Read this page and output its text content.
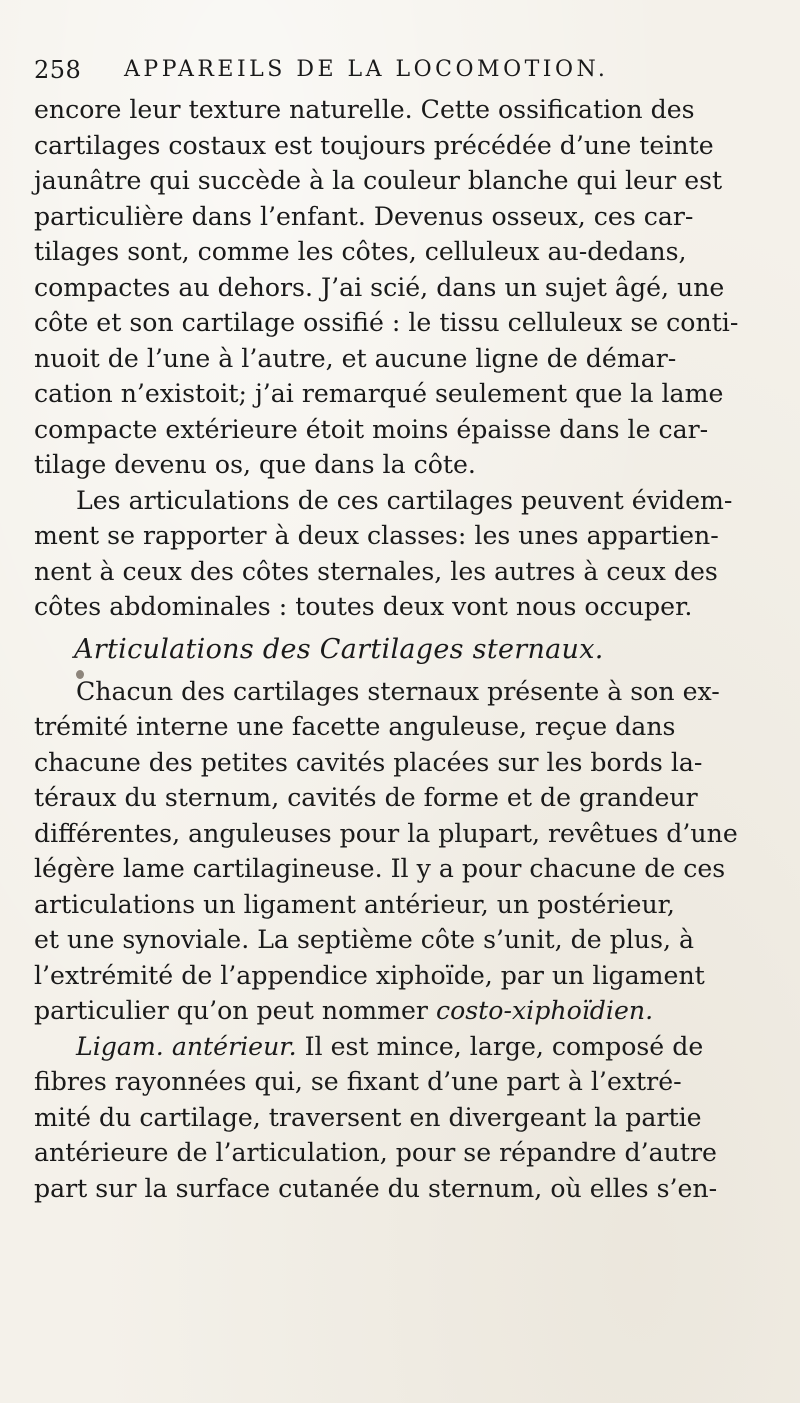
258 APPAREILS DE LA LOCOMOTION.
encore leur texture naturelle. Cette ossification des
cartilages costaux est toujours précédée d’une teinte
jaunâtre qui succède à la couleur blanche qui leur est
particulière dans l’enfant. Devenus osseux, ces car-
tilages sont, comme les côtes, celluleux au-dedans,
compactes au dehors. J’ai scié, dans un sujet âgé, une
côte et son cartilage ossifié : le tissu celluleux se conti-
nuoit de l’une à l’autre, et aucune ligne de démar-
cation n’existoit; j’ai remarqué seulement que la lame
compacte extérieure étoit moins épaisse dans le car-
tilage devenu os, que dans la côte.
Les articulations de ces cartilages peuvent évidem-
ment se rapporter à deux classes: les unes appartien-
nent à ceux des côtes sternales, les autres à ceux des
côtes abdominales : toutes deux vont nous occuper.
Articulations des Cartilages sternaux.
Chacun des cartilages sternaux présente à son ex-
trémité interne une facette anguleuse, reçue dans
chacune des petites cavités placées sur les bords la-
téraux du sternum, cavités de forme et de grandeur
différentes, anguleuses pour la plupart, revêtues d’une
légère lame cartilagineuse. Il y a pour chacune de ces
articulations un ligament antérieur, un postérieur,
et une synoviale. La septième côte s’unit, de plus, à
l’extrémité de l’appendice xiphoïde, par un ligament
particulier qu’on peut nommer costo-xiphoïdien.
Ligam. antérieur. Il est mince, large, composé de
fibres rayonnées qui, se fixant d’une part à l’extré-
mité du cartilage, traversent en divergeant la partie
antérieure de l’articulation, pour se répandre d’autre
part sur la surface cutanée du sternum, où elles s’en-
